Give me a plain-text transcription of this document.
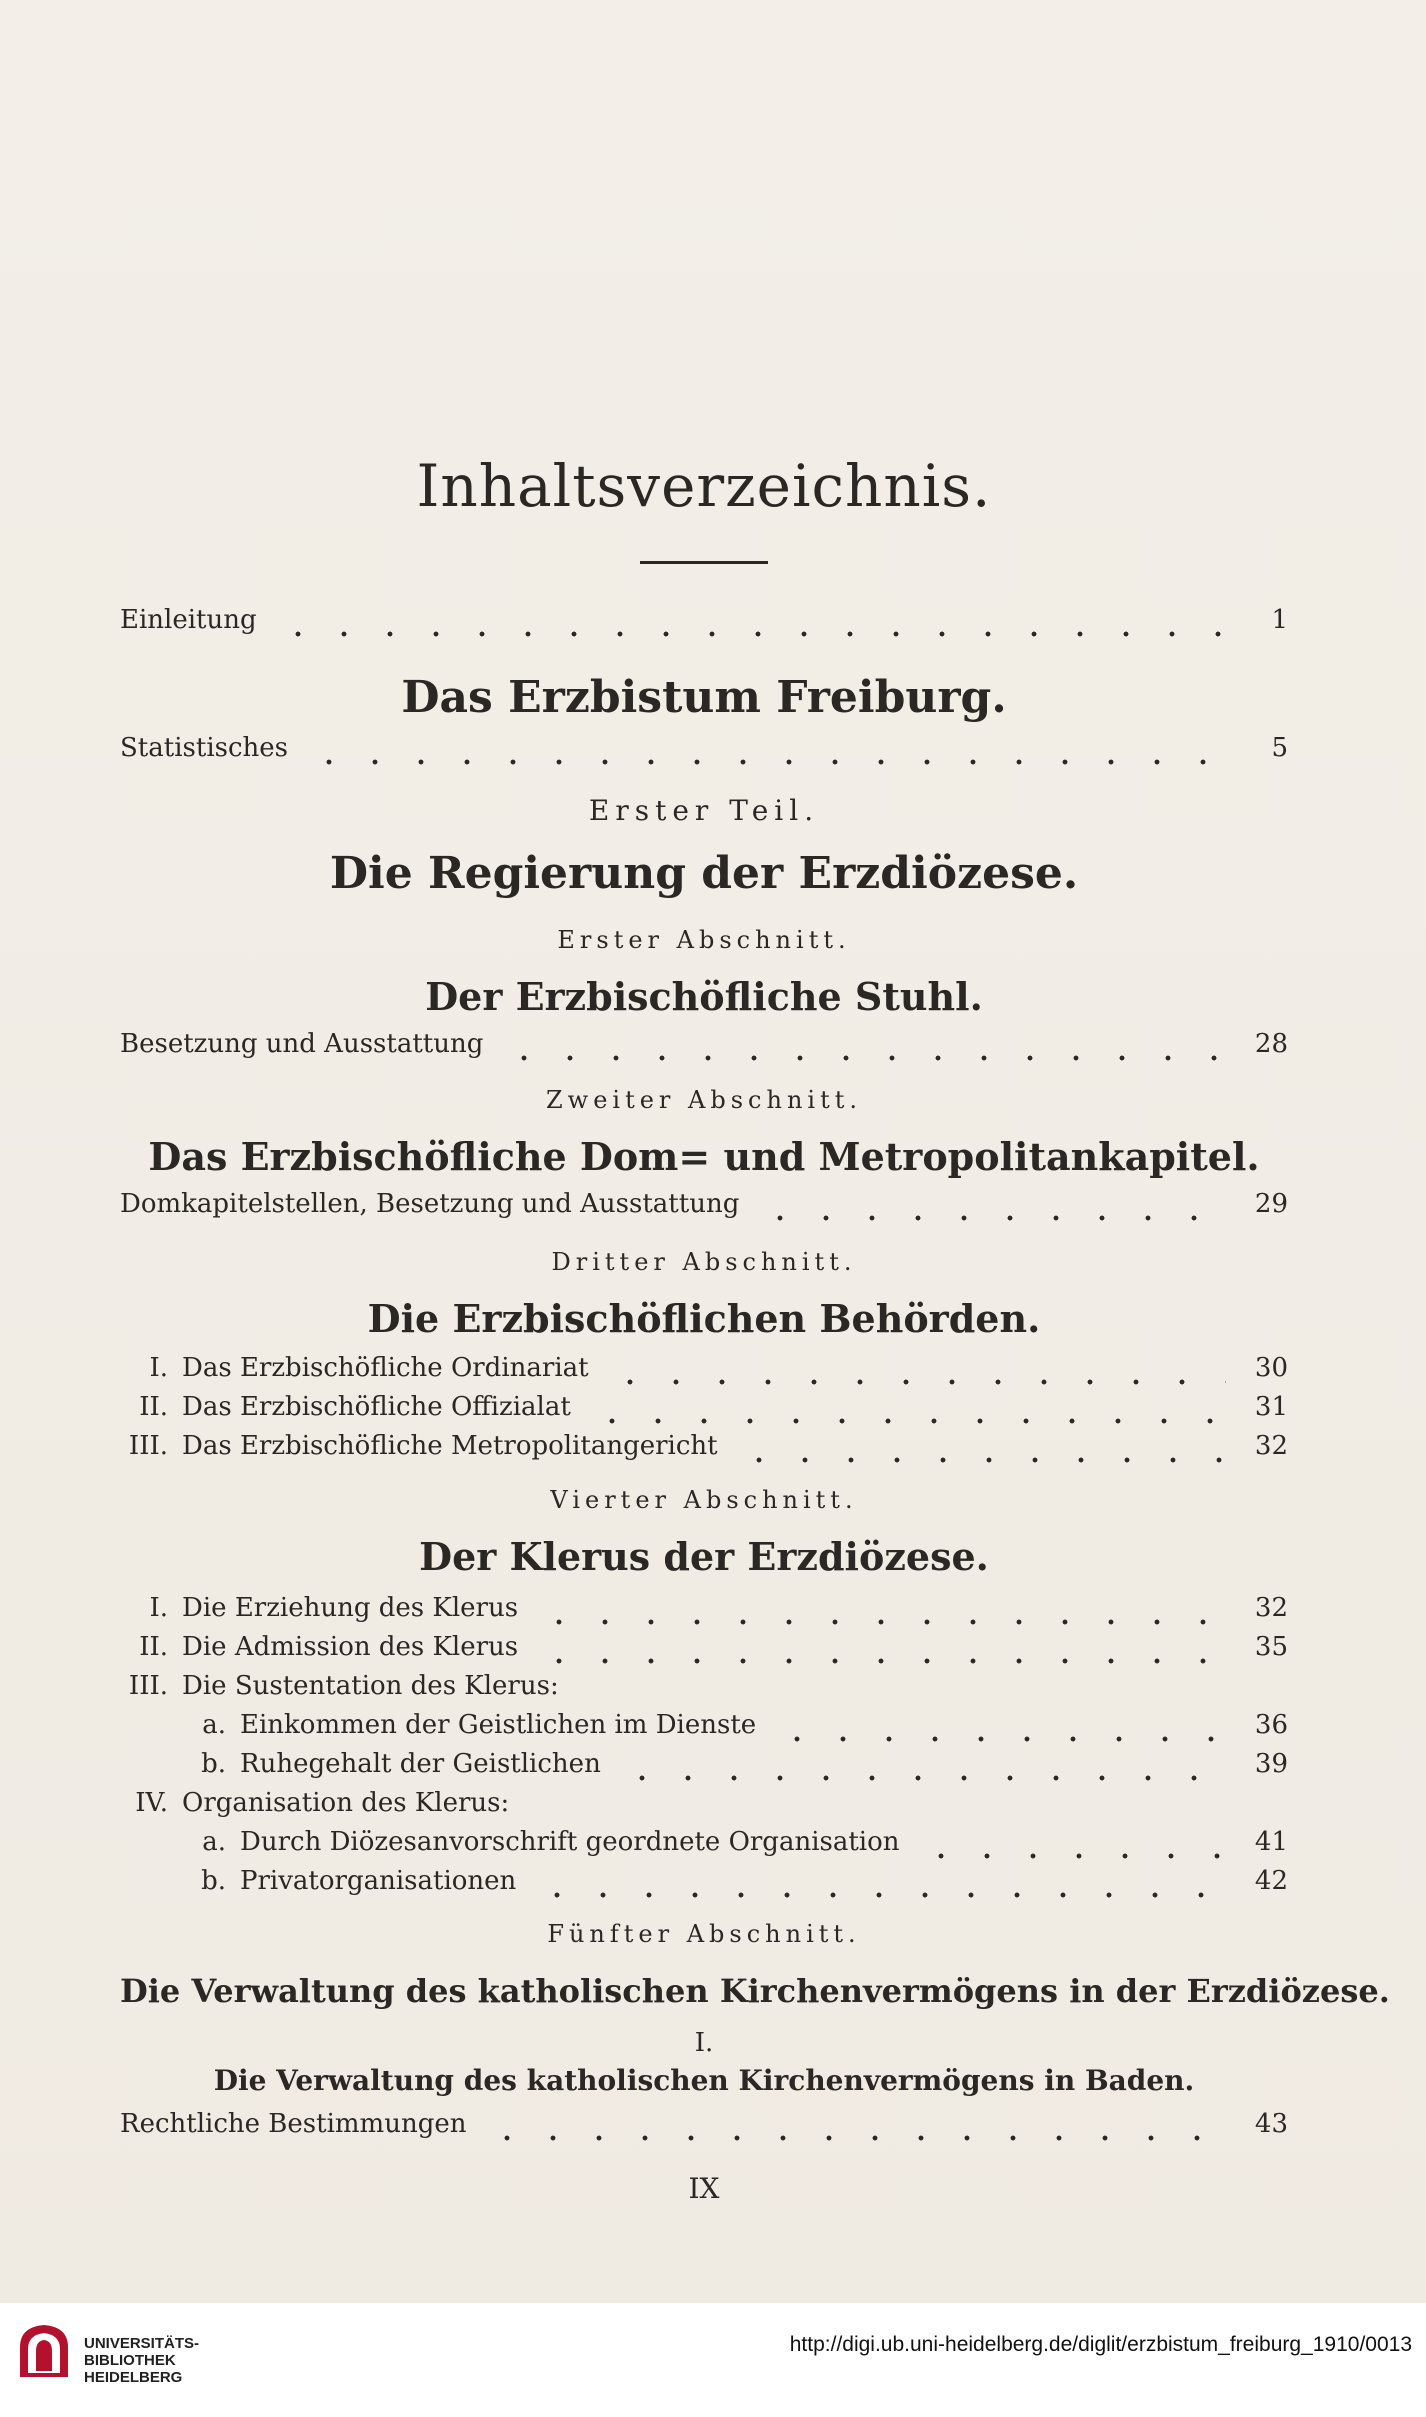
Inhaltsverzeichnis.
Einleitung	1
Das Erzbistum Freiburg.
Statistisches	5
Erster Teil.
Die Regierung der Erzdiözese.
Erster Abschnitt.
Der Erzbischöfliche Stuhl.
Besetzung und Ausstattung	28
Zweiter Abschnitt.
Das Erzbischöfliche Dom= und Metropolitankapitel.
Domkapitelstellen, Besetzung und Ausstattung	29
Dritter Abschnitt.
Die Erzbischöflichen Behörden.
I. Das Erzbischöfliche Ordinariat	30
II. Das Erzbischöfliche Offizialat	31
III. Das Erzbischöfliche Metropolitangericht	32
Vierter Abschnitt.
Der Klerus der Erzdiözese.
I. Die Erziehung des Klerus	32
II. Die Admission des Klerus	35
III. Die Sustentation des Klerus:
a. Einkommen der Geistlichen im Dienste	36
b. Ruhegehalt der Geistlichen	39
IV. Organisation des Klerus:
a. Durch Diözesanvorschrift geordnete Organisation	41
b. Privatorganisationen	42
Fünfter Abschnitt.
Die Verwaltung des katholischen Kirchenvermögens in der Erzdiözese.
I.
Die Verwaltung des katholischen Kirchenvermögens in Baden.
Rechtliche Bestimmungen	43
IX
UNIVERSITÄTS-
BIBLIOTHEK
HEIDELBERG
http://digi.ub.uni-heidelberg.de/diglit/erzbistum_freiburg_1910/0013
